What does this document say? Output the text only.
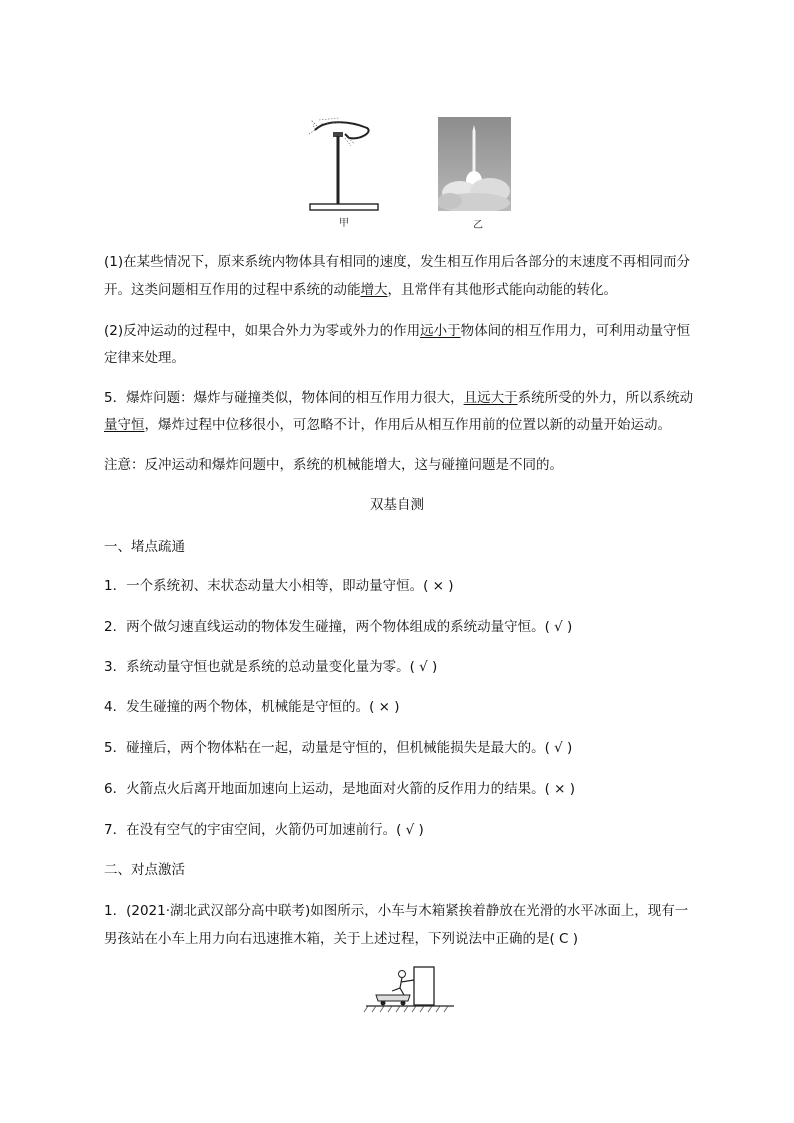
甲	乙
(1)在某些情况下，原来系统内物体具有相同的速度，发生相互作用后各部分的末速度不再相同而分
开。这类问题相互作用的过程中系统的动能增大，且常伴有其他形式能向动能的转化。
(2)反冲运动的过程中，如果合外力为零或外力的作用远小于物体间的相互作用力，可利用动量守恒
定律来处理。
5．爆炸问题：爆炸与碰撞类似，物体间的相互作用力很大，且远大于系统所受的外力，所以系统动
量守恒，爆炸过程中位移很小，可忽略不计，作用后从相互作用前的位置以新的动量开始运动。
注意：反冲运动和爆炸问题中，系统的机械能增大，这与碰撞问题是不同的。
双基自测
一、堵点疏通
1．一个系统初、末状态动量大小相等，即动量守恒。( × )
2．两个做匀速直线运动的物体发生碰撞，两个物体组成的系统动量守恒。( √ )
3．系统动量守恒也就是系统的总动量变化量为零。( √ )
4．发生碰撞的两个物体，机械能是守恒的。( × )
5．碰撞后，两个物体粘在一起，动量是守恒的，但机械能损失是最大的。( √ )
6．火箭点火后离开地面加速向上运动，是地面对火箭的反作用力的结果。( × )
7．在没有空气的宇宙空间，火箭仍可加速前行。( √ )
二、对点激活
1．(2021·湖北武汉部分高中联考)如图所示，小车与木箱紧挨着静放在光滑的水平冰面上，现有一
男孩站在小车上用力向右迅速推木箱，关于上述过程，下列说法中正确的是( C )
